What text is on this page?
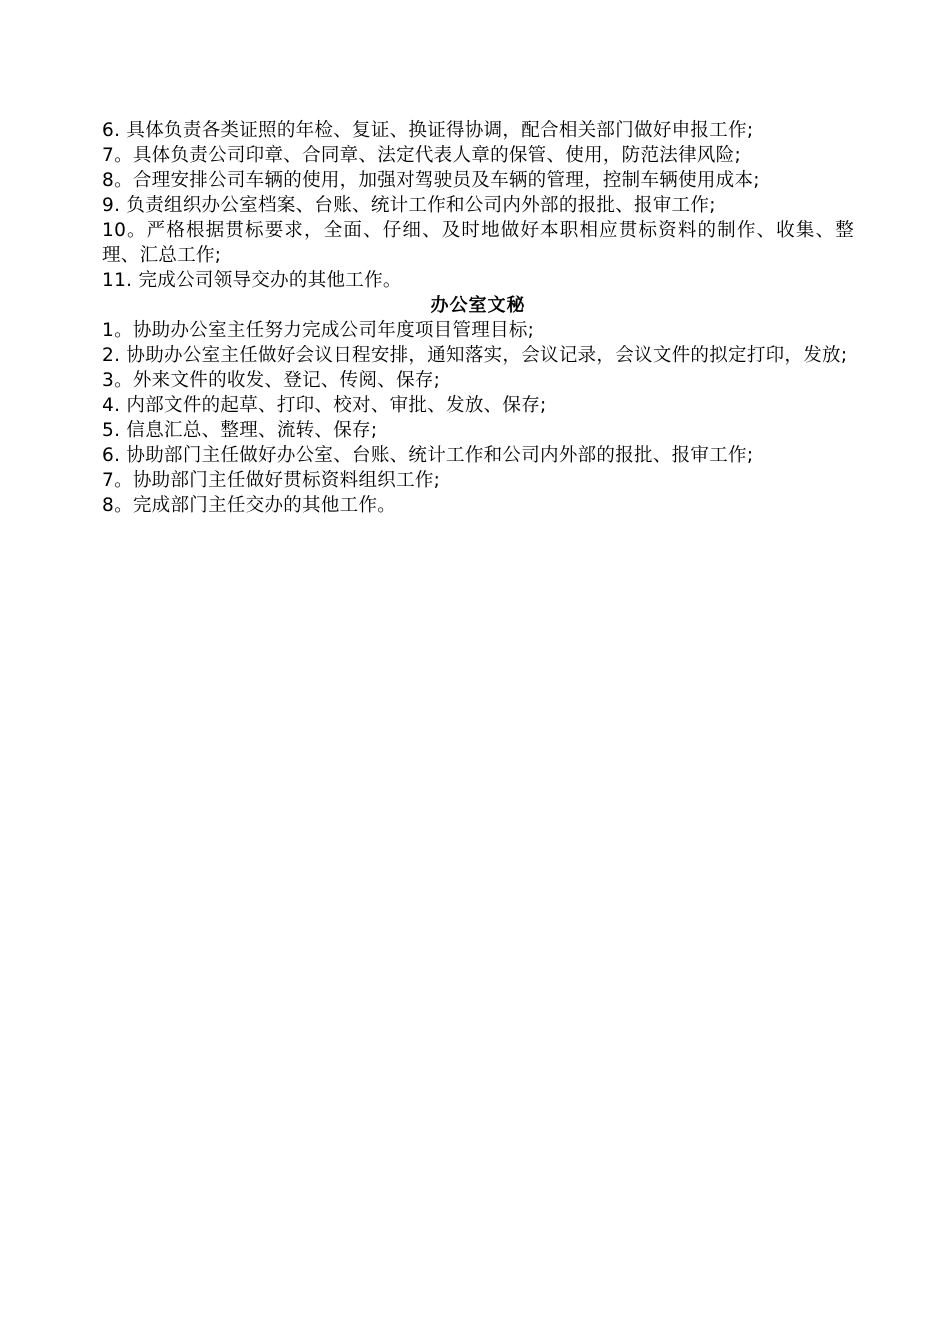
6. 具体负责各类证照的年检、复证、换证得协调，配合相关部门做好申报工作;

7。具体负责公司印章、合同章、法定代表人章的保管、使用，防范法律风险;

8。合理安排公司车辆的使用，加强对驾驶员及车辆的管理，控制车辆使用成本;

9. 负责组织办公室档案、台账、统计工作和公司内外部的报批、报审工作;

10。严格根据贯标要求，全面、仔细、及时地做好本职相应贯标资料的制作、收集、整理、汇总工作;

11. 完成公司领导交办的其他工作。

办公室文秘

1。协助办公室主任努力完成公司年度项目管理目标;

2. 协助办公室主任做好会议日程安排，通知落实，会议记录，会议文件的拟定打印，发放;

3。外来文件的收发、登记、传阅、保存;

4. 内部文件的起草、打印、校对、审批、发放、保存;

5. 信息汇总、整理、流转、保存;

6. 协助部门主任做好办公室、台账、统计工作和公司内外部的报批、报审工作;

7。协助部门主任做好贯标资料组织工作;

8。完成部门主任交办的其他工作。
